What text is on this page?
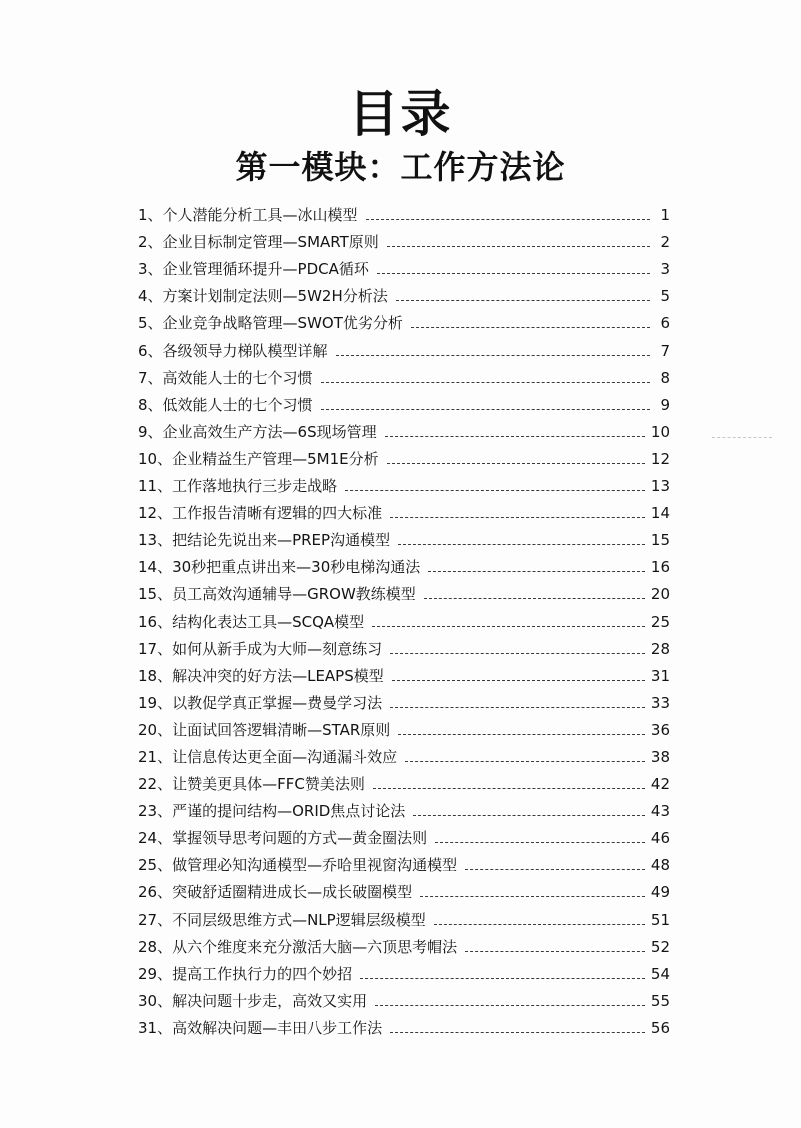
目录
第一模块：工作方法论
1、个人潜能分析工具—冰山模型	1
2、企业目标制定管理—SMART原则	2
3、企业管理循环提升—PDCA循环	3
4、方案计划制定法则—5W2H分析法	5
5、企业竞争战略管理—SWOT优劣分析	6
6、各级领导力梯队模型详解	7
7、高效能人士的七个习惯	8
8、低效能人士的七个习惯	9
9、企业高效生产方法—6S现场管理	10
10、企业精益生产管理—5M1E分析	12
11、工作落地执行三步走战略	13
12、工作报告清晰有逻辑的四大标准	14
13、把结论先说出来—PREP沟通模型	15
14、30秒把重点讲出来—30秒电梯沟通法	16
15、员工高效沟通辅导—GROW教练模型	20
16、结构化表达工具—SCQA模型	25
17、如何从新手成为大师—刻意练习	28
18、解决冲突的好方法—LEAPS模型	31
19、以教促学真正掌握—费曼学习法	33
20、让面试回答逻辑清晰—STAR原则	36
21、让信息传达更全面—沟通漏斗效应	38
22、让赞美更具体—FFC赞美法则	42
23、严谨的提问结构—ORID焦点讨论法	43
24、掌握领导思考问题的方式—黄金圈法则	46
25、做管理必知沟通模型—乔哈里视窗沟通模型	48
26、突破舒适圈精进成长—成长破圈模型	49
27、不同层级思维方式—NLP逻辑层级模型	51
28、从六个维度来充分激活大脑—六顶思考帽法	52
29、提高工作执行力的四个妙招	54
30、解决问题十步走，高效又实用	55
31、高效解决问题—丰田八步工作法	56
